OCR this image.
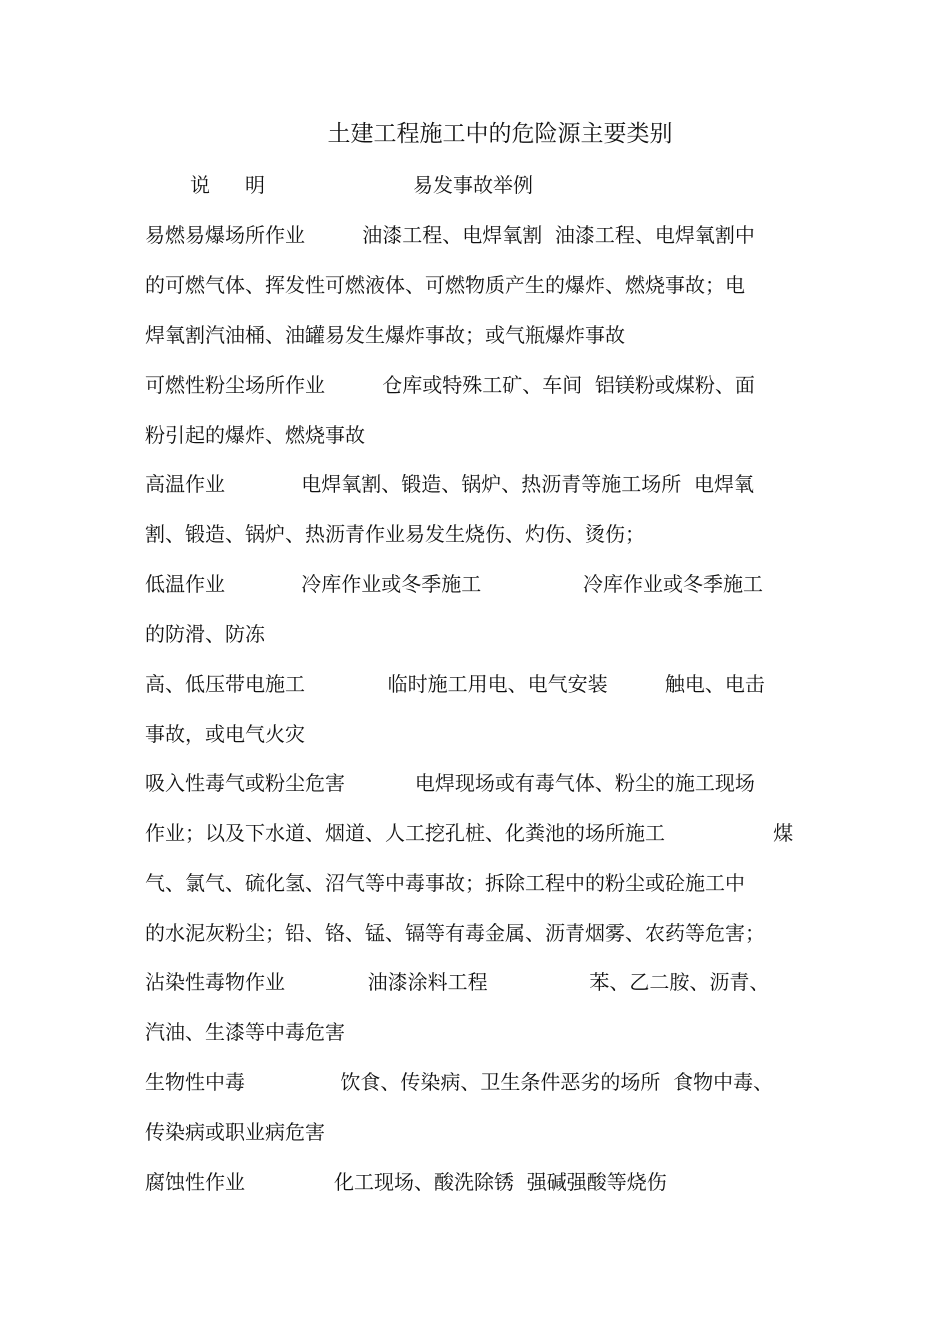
土建工程施工中的危险源主要类别
说 明	易发事故举例

易燃易爆场所作业         油漆工程、电焊氧割  油漆工程、电焊氧割中

的可燃气体、挥发性可燃液体、可燃物质产生的爆炸、燃烧事故；电

焊氧割汽油桶、油罐易发生爆炸事故；或气瓶爆炸事故

可燃性粉尘场所作业         仓库或特殊工矿、车间  铝镁粉或煤粉、面

粉引起的爆炸、燃烧事故

高温作业            电焊氧割、锻造、锅炉、热沥青等施工场所  电焊氧

割、锻造、锅炉、热沥青作业易发生烧伤、灼伤、烫伤；

低温作业            冷库作业或冬季施工                冷库作业或冬季施工

的防滑、防冻

高、低压带电施工             临时施工用电、电气安装         触电、电击

事故，或电气火灾

吸入性毒气或粉尘危害           电焊现场或有毒气体、粉尘的施工现场

作业；以及下水道、烟道、人工挖孔桩、化粪池的场所施工                 煤

气、氯气、硫化氢、沼气等中毒事故；拆除工程中的粉尘或砼施工中

的水泥灰粉尘；铅、铬、锰、镉等有毒金属、沥青烟雾、农药等危害；

沾染性毒物作业             油漆涂料工程                苯、乙二胺、沥青、

汽油、生漆等中毒危害

生物性中毒               饮食、传染病、卫生条件恶劣的场所  食物中毒、

传染病或职业病危害

腐蚀性作业              化工现场、酸洗除锈  强碱强酸等烧伤
